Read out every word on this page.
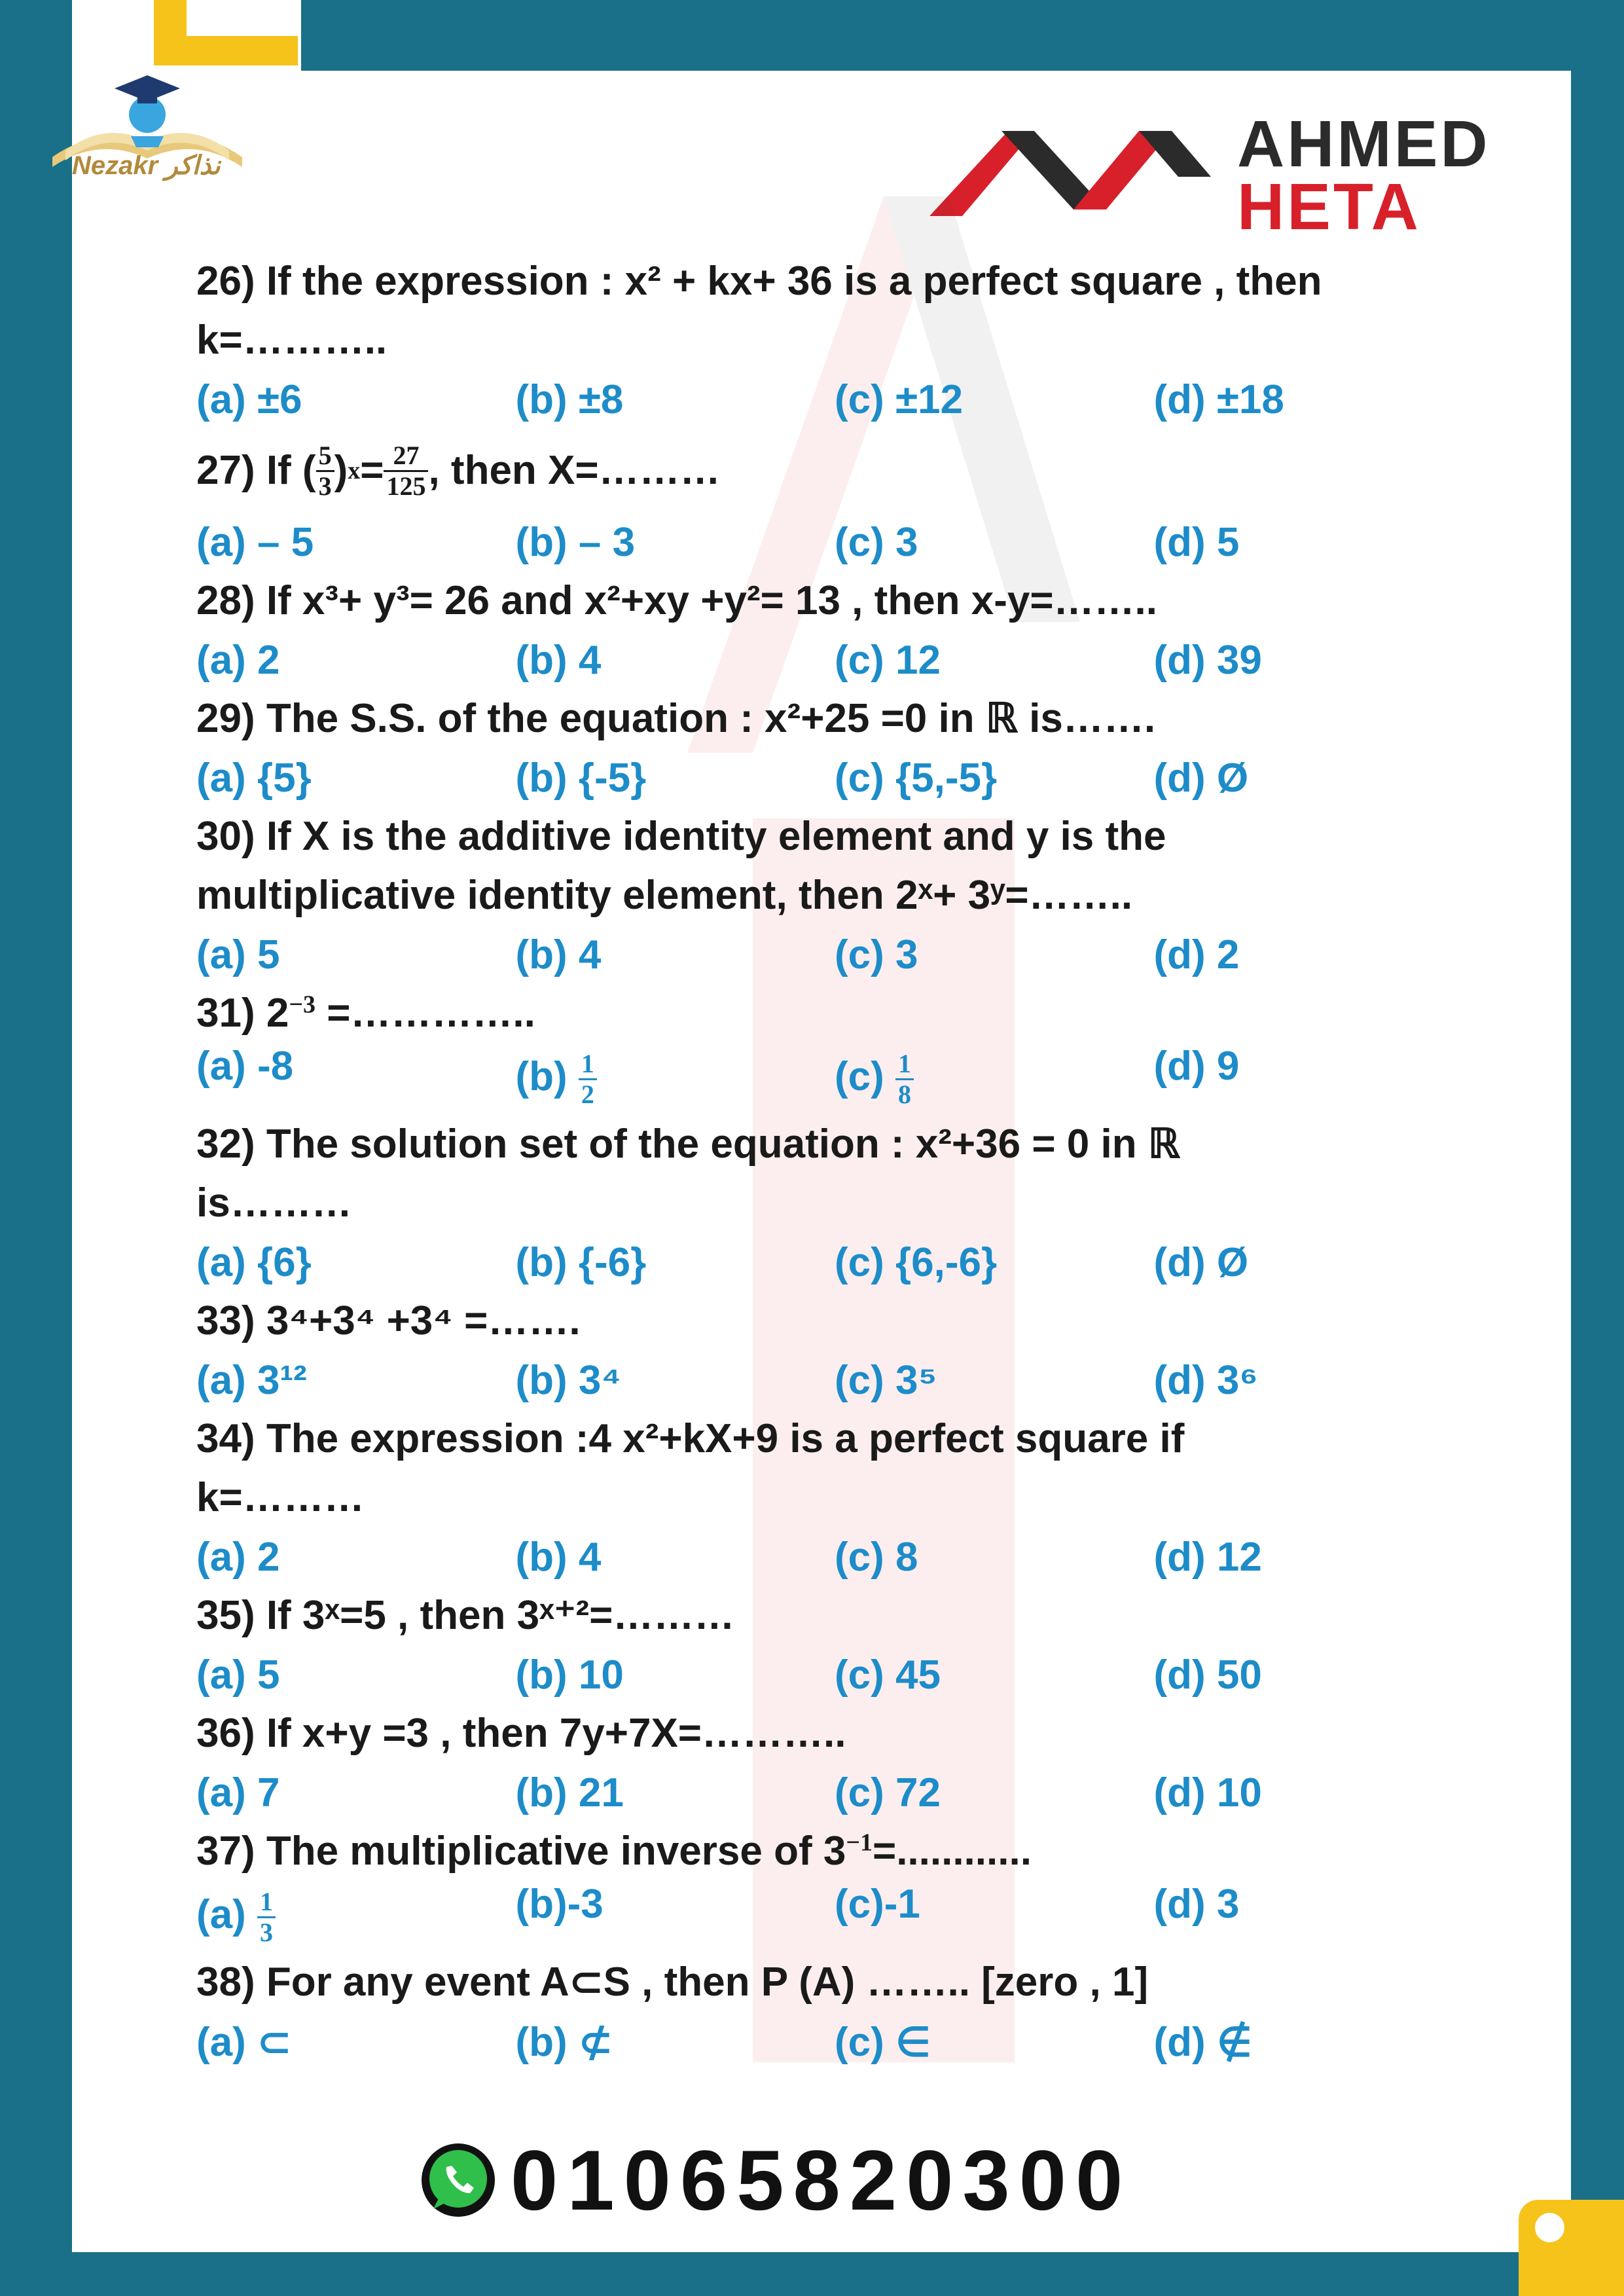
Nezakr نذاكر	AHMED
HETA
26) If the expression : x² + kx+ 36 is a perfect square , then k=………..
(a) ±6	(b) ±8	(c) ±12	(d) ±18
27) If ( $\frac{5}{3}$ ) $x = \frac{27}{125}$ , then X=………
(a) – 5	(b) – 3	(c) 3	(d) 5
28) If x³+ y³= 26 and x²+xy +y²= 13 , then x-y=……..
(a) 2	(b) 4	(c) 12	(d) 39
29) The S.S. of the equation : x²+25 =0 in ℝ is…….
(a) {5}	(b) {-5}	(c) {5,-5}	(d) Ø
30) If X is the additive identity element and y is the
multiplicative identity element, then 2ˣ+ 3ʸ=……..
(a) 5	(b) 4	(c) 3	(d) 2
31) $2^{-3}$ =…………..
(a) -8	$(b) \frac{1}{2}$	$(c) \frac{1}{8}$	(d) 9
32) The solution set of the equation : x²+36 = 0 in ℝ is………
(a) {6}	(b) {-6}	(c) {6,-6}	(d) Ø
33) 3⁴+3⁴ +3⁴ =…….
(a) 3¹²	(b) 3⁴	(c) 3⁵	(d) 3⁶
34) The expression :4 x²+kX+9 is a perfect square if k=………
(a) 2	(b) 4	(c) 8	(d) 12
35) If 3ˣ=5 , then 3ˣ⁺²=………
(a) 5	(b) 10	(c) 45	(d) 50
36) If x+y =3 , then 7y+7X=………..
(a) 7	(b) 21	(c) 72	(d) 10
37) The multiplicative inverse of $3^{-1}=$............
$(a) \frac{1}{3}$	(b)-3	(c)-1	(d) 3
38) For any event A⊂S , then P (A) …….. [zero , 1]
(a) ⊂	(b) ⊄	(c) ∈	(d) ∉
01065820300
